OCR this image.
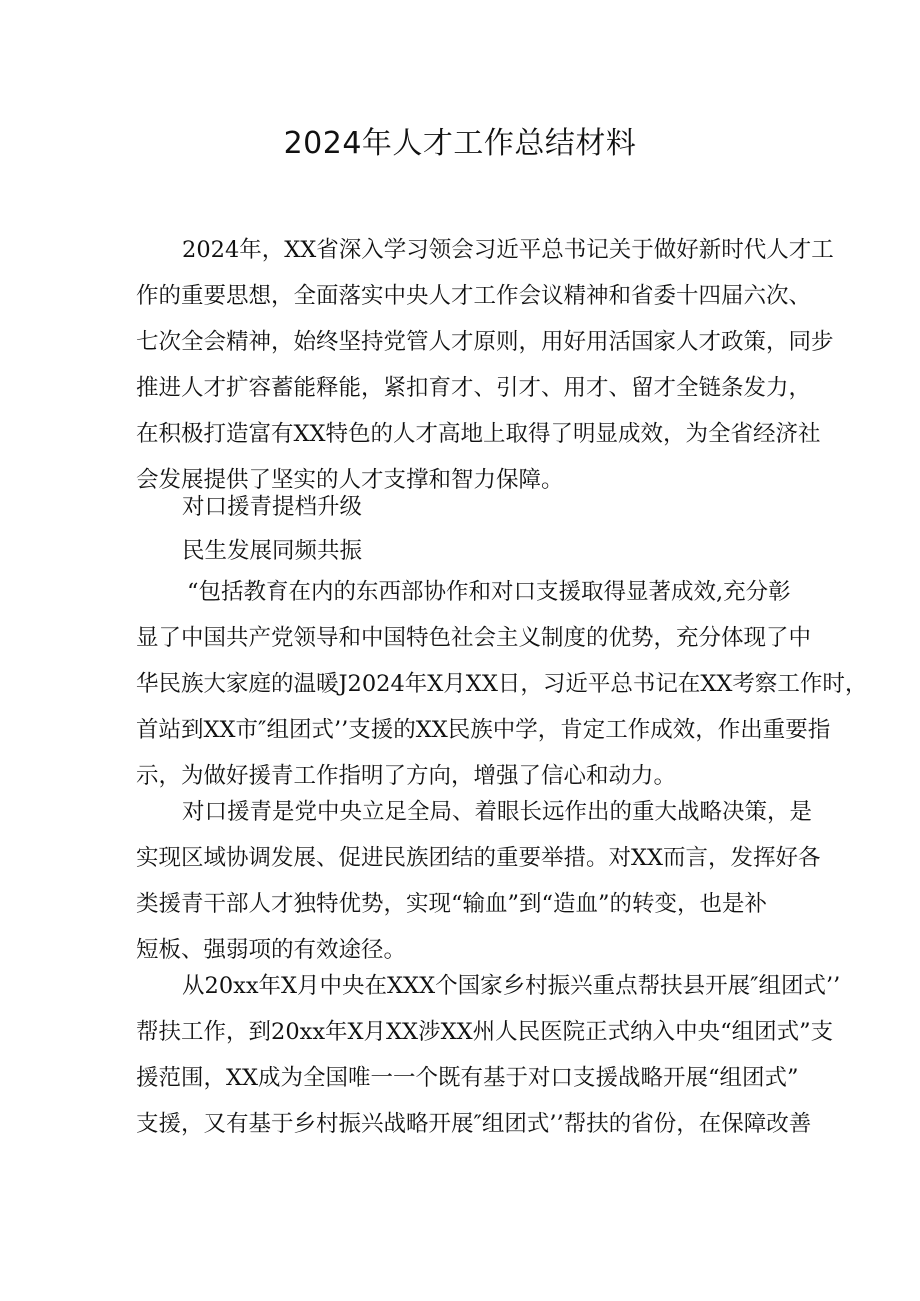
2024年人才工作总结材料
2024年，XX省深入学习领会习近平总书记关于做好新时代人才工
作的重要思想，全面落实中央人才工作会议精神和省委十四届六次、
七次全会精神，始终坚持党管人才原则，用好用活国家人才政策，同步
推进人才扩容蓄能释能，紧扣育才、引才、用才、留才全链条发力，
在积极打造富有XX特色的人才高地上取得了明显成效，为全省经济社
会发展提供了坚实的人才支撑和智力保障。
对口援青提档升级
民生发展同频共振
“包括教育在内的东西部协作和对口支援取得显著成效,充分彰
显了中国共产党领导和中国特色社会主义制度的优势，充分体现了中
华民族大家庭的温暖J2024年X月XX日，习近平总书记在XX考察工作时，
首站到XX市″组团式’’支援的XX民族中学，肯定工作成效，作出重要指
示，为做好援青工作指明了方向，增强了信心和动力。
对口援青是党中央立足全局、着眼长远作出的重大战略决策，是
实现区域协调发展、促进民族团结的重要举措。对XX而言，发挥好各
类援青干部人才独特优势，实现“输血”到“造血”的转变，也是补
短板、强弱项的有效途径。
从20xx年X月中央在XXX个国家乡村振兴重点帮扶县开展″组团式’’
帮扶工作，到20xx年X月XX涉XX州人民医院正式纳入中央“组团式”支
援范围，XX成为全国唯一一个既有基于对口支援战略开展“组团式”
支援，又有基于乡村振兴战略开展″组团式’’帮扶的省份，在保障改善
